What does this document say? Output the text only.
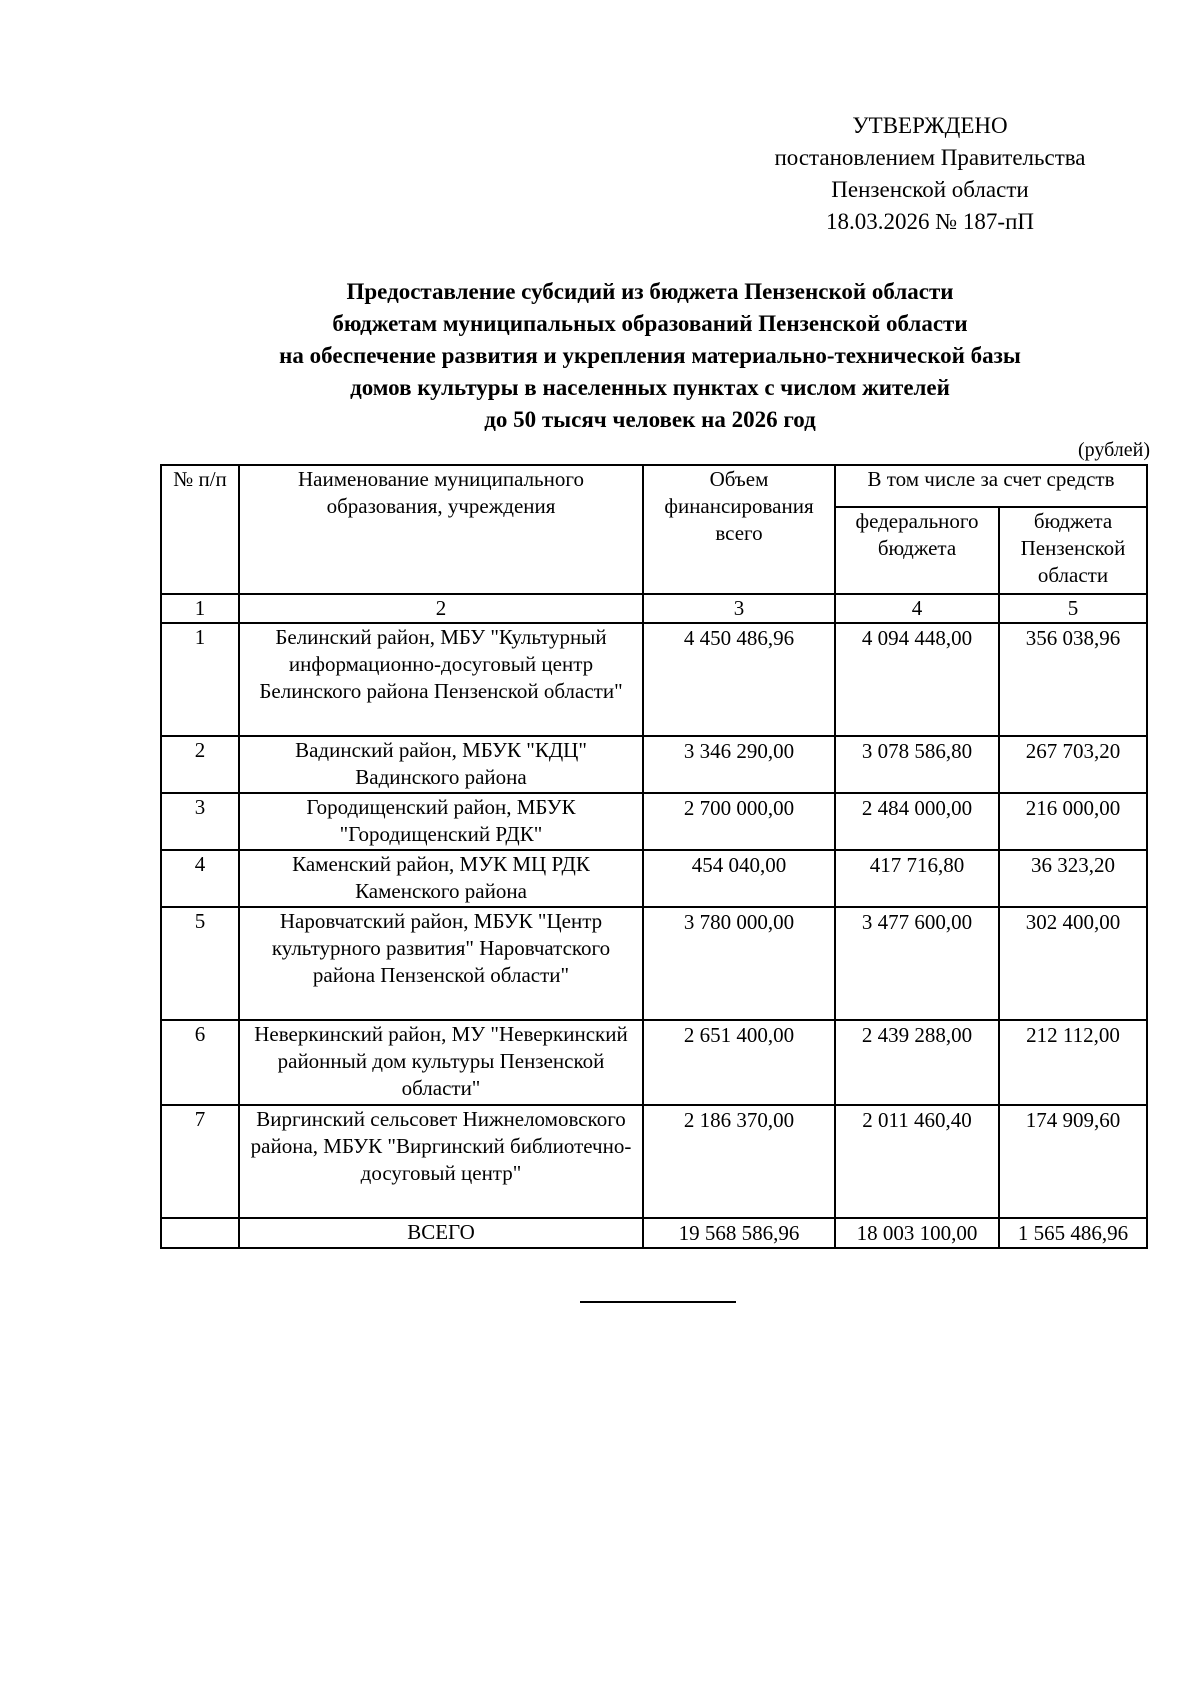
УТВЕРЖДЕНО
постановлением Правительства
Пензенской области
18.03.2026 № 187-пП
Предоставление субсидий из бюджета Пензенской области
бюджетам муниципальных образований Пензенской области
на обеспечение развития и укрепления материально-технической базы
домов культуры в населенных пунктах с числом жителей
до 50 тысяч человек на 2026 год
(рублей)
№ п/п	Наименование муниципального образования, учреждения	Объем финансирования всего	В том числе за счет средств	
			федерального бюджета	бюджета Пензенской области
1	2	3	4	5
1	Белинский район, МБУ "Культурный информационно-досуговый центр Белинского района Пензенской области"	4 450 486,96	4 094 448,00	356 038,96
2	Вадинский район, МБУК "КДЦ" Вадинского района	3 346 290,00	3 078 586,80	267 703,20
3	Городищенский район, МБУК "Городищенский РДК"	2 700 000,00	2 484 000,00	216 000,00
4	Каменский район, МУК МЦ РДК Каменского района	454 040,00	417 716,80	36 323,20
5	Наровчатский район, МБУК "Центр культурного развития" Наровчатского района Пензенской области"	3 780 000,00	3 477 600,00	302 400,00
6	Неверкинский район, МУ "Неверкинский районный дом культуры Пензенской области"	2 651 400,00	2 439 288,00	212 112,00
7	Виргинский сельсовет Нижнеломовского района, МБУК "Виргинский библиотечно-досуговый центр"	2 186 370,00	2 011 460,40	174 909,60
	ВСЕГО	19 568 586,96	18 003 100,00	1 565 486,96
